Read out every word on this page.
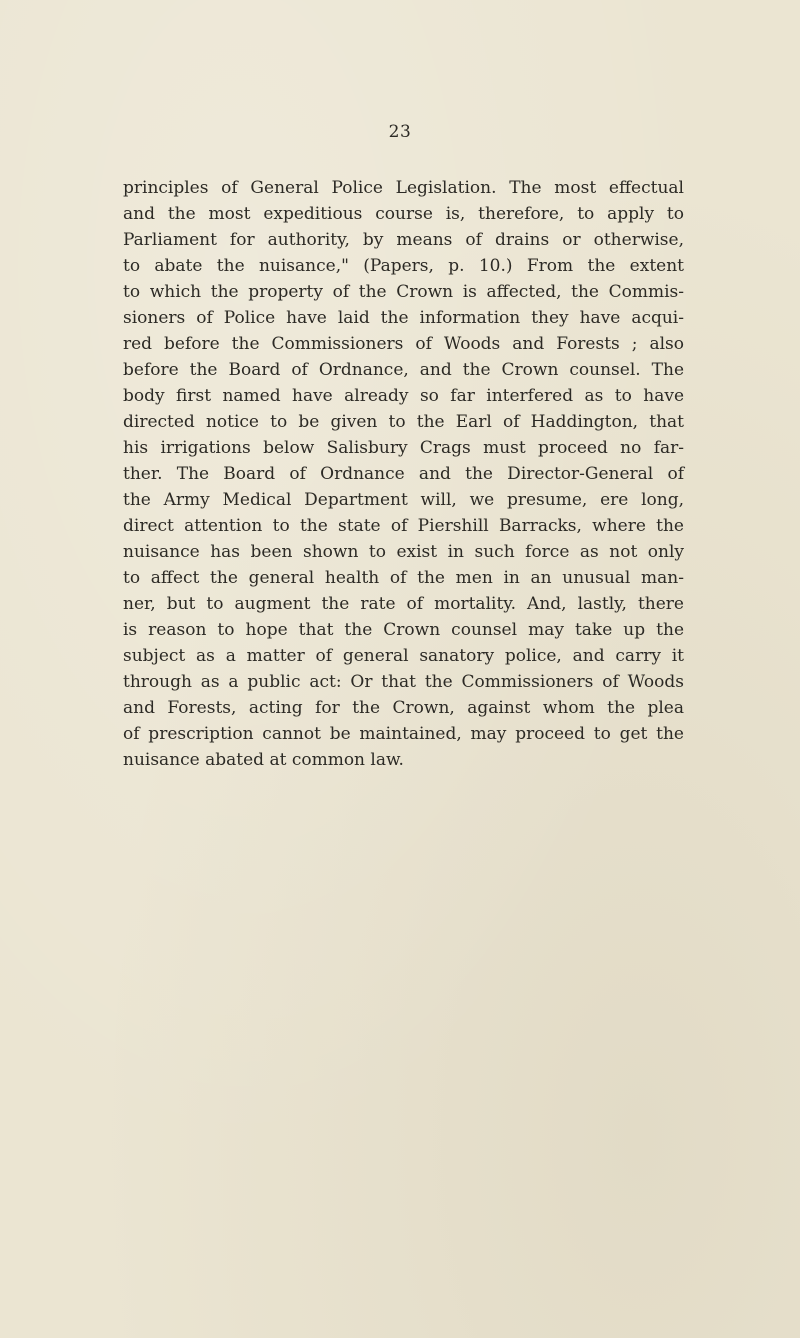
23
principles of General Police Legislation. The most effectual
and the most expeditious course is, therefore, to apply to
Parliament for authority, by means of drains or otherwise,
to abate the nuisance," (Papers, p. 10.) From the extent
to which the property of the Crown is affected, the Commis-
sioners of Police have laid the information they have acqui-
red before the Commissioners of Woods and Forests ; also
before the Board of Ordnance, and the Crown counsel. The
body first named have already so far interfered as to have
directed notice to be given to the Earl of Haddington, that
his irrigations below Salisbury Crags must proceed no far-
ther. The Board of Ordnance and the Director-General of
the Army Medical Department will, we presume, ere long,
direct attention to the state of Piershill Barracks, where the
nuisance has been shown to exist in such force as not only
to affect the general health of the men in an unusual man-
ner, but to augment the rate of mortality. And, lastly, there
is reason to hope that the Crown counsel may take up the
subject as a matter of general sanatory police, and carry it
through as a public act: Or that the Commissioners of Woods
and Forests, acting for the Crown, against whom the plea
of prescription cannot be maintained, may proceed to get the
nuisance abated at common law.
